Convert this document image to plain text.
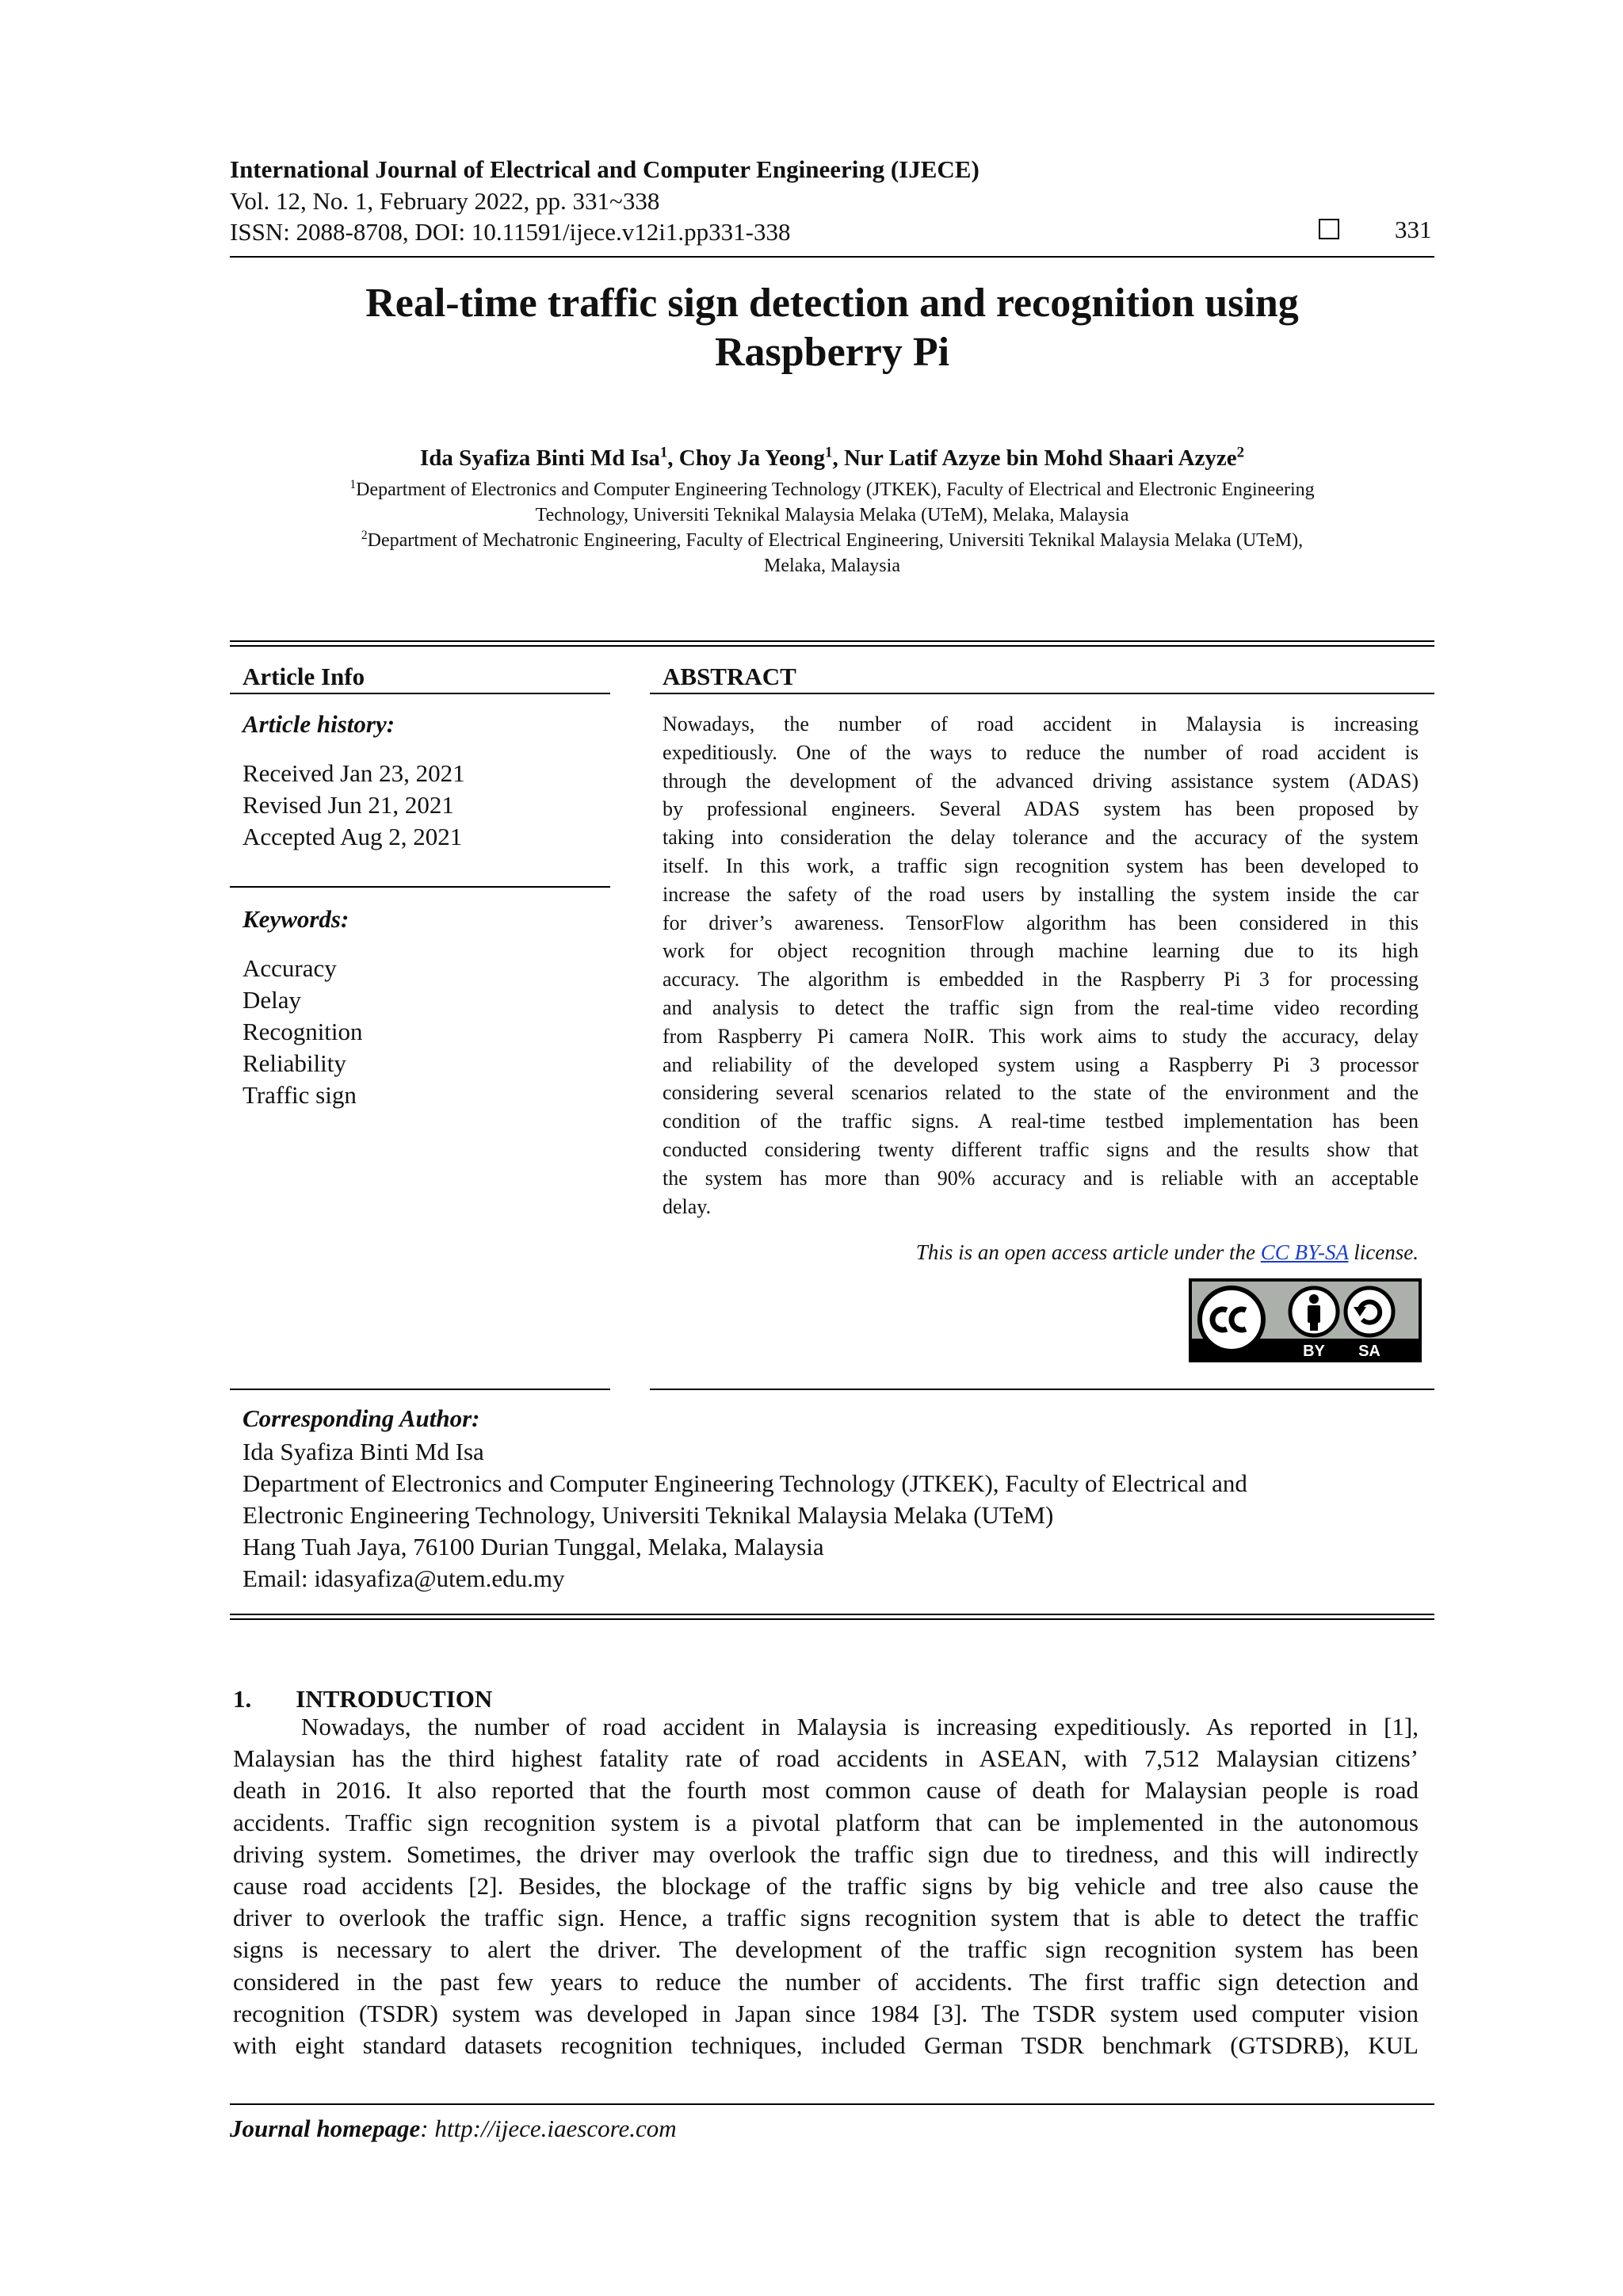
International Journal of Electrical and Computer Engineering (IJECE)
Vol. 12, No. 1, February 2022, pp. 331~338
ISSN: 2088-8708, DOI: 10.11591/ijece.v12i1.pp331-338	331
Real-time traffic sign detection and recognition using
Raspberry Pi
Ida Syafiza Binti Md Isa$^1$, Choy Ja Yeong$^1$, Nur Latif Azyze bin Mohd Shaari Azyze$^2$
$^1$Department of Electronics and Computer Engineering Technology (JTKEK), Faculty of Electrical and Electronic Engineering
Technology, Universiti Teknikal Malaysia Melaka (UTeM), Melaka, Malaysia
$^2$Department of Mechatronic Engineering, Faculty of Electrical Engineering, Universiti Teknikal Malaysia Melaka (UTeM),
Melaka, Malaysia
Article Info
Article history:
Received Jan 23, 2021
Revised Jun 21, 2021
Accepted Aug 2, 2021
Keywords:
Accuracy
Delay
Recognition
Reliability
Traffic sign
ABSTRACT
Nowadays, the number of road accident in Malaysia is increasing
expeditiously. One of the ways to reduce the number of road accident is
through the development of the advanced driving assistance system (ADAS)
by professional engineers. Several ADAS system has been proposed by
taking into consideration the delay tolerance and the accuracy of the system
itself. In this work, a traffic sign recognition system has been developed to
increase the safety of the road users by installing the system inside the car
for driver’s awareness. TensorFlow algorithm has been considered in this
work for object recognition through machine learning due to its high
accuracy. The algorithm is embedded in the Raspberry Pi 3 for processing
and analysis to detect the traffic sign from the real-time video recording
from Raspberry Pi camera NoIR. This work aims to study the accuracy, delay
and reliability of the developed system using a Raspberry Pi 3 processor
considering several scenarios related to the state of the environment and the
condition of the traffic signs. A real-time testbed implementation has been
conducted considering twenty different traffic signs and the results show that
the system has more than 90% accuracy and is reliable with an acceptable
delay.
This is an open access article under the CC BY-SA license.
BY SA
Corresponding Author:
Ida Syafiza Binti Md Isa
Department of Electronics and Computer Engineering Technology (JTKEK), Faculty of Electrical and
Electronic Engineering Technology, Universiti Teknikal Malaysia Melaka (UTeM)
Hang Tuah Jaya, 76100 Durian Tunggal, Melaka, Malaysia
Email: idasyafiza@utem.edu.my
1. INTRODUCTION
Nowadays, the number of road accident in Malaysia is increasing expeditiously. As reported in [1],
Malaysian has the third highest fatality rate of road accidents in ASEAN, with 7,512 Malaysian citizens’
death in 2016. It also reported that the fourth most common cause of death for Malaysian people is road
accidents. Traffic sign recognition system is a pivotal platform that can be implemented in the autonomous
driving system. Sometimes, the driver may overlook the traffic sign due to tiredness, and this will indirectly
cause road accidents [2]. Besides, the blockage of the traffic signs by big vehicle and tree also cause the
driver to overlook the traffic sign. Hence, a traffic signs recognition system that is able to detect the traffic
signs is necessary to alert the driver. The development of the traffic sign recognition system has been
considered in the past few years to reduce the number of accidents. The first traffic sign detection and
recognition (TSDR) system was developed in Japan since 1984 [3]. The TSDR system used computer vision
with eight standard datasets recognition techniques, included German TSDR benchmark (GTSDRB), KUL
Journal homepage: http://ijece.iaescore.com
